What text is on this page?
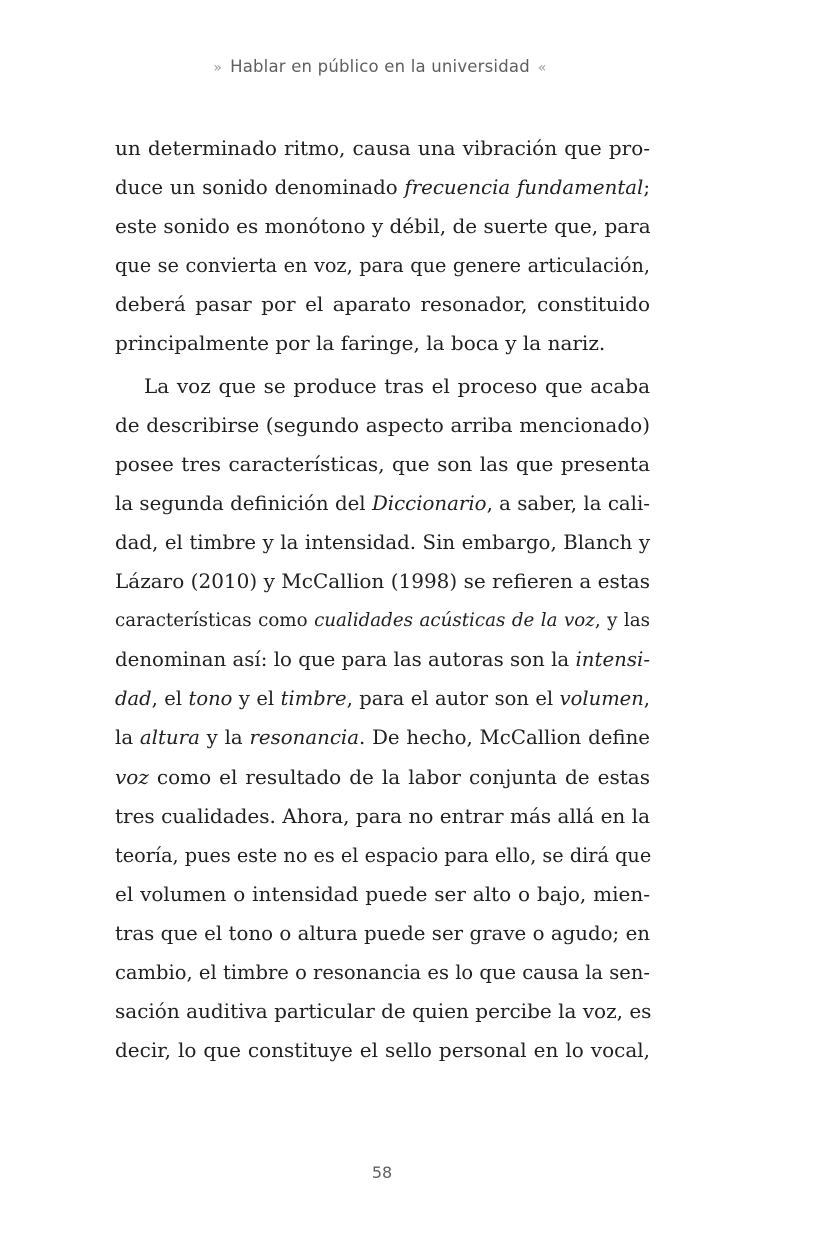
» Hablar en público en la universidad «
un determinado ritmo, causa una vibración que pro-
duce un sonido denominado frecuencia fundamental;
este sonido es monótono y débil, de suerte que, para
que se convierta en voz, para que genere articulación,
deberá pasar por el aparato resonador, constituido
principalmente por la faringe, la boca y la nariz.
La voz que se produce tras el proceso que acaba
de describirse (segundo aspecto arriba mencionado)
posee tres características, que son las que presenta
la segunda definición del Diccionario, a saber, la cali-
dad, el timbre y la intensidad. Sin embargo, Blanch y
Lázaro (2010) y McCallion (1998) se refieren a estas
características como cualidades acústicas de la voz, y las
denominan así: lo que para las autoras son la intensi-
dad, el tono y el timbre, para el autor son el volumen,
la altura y la resonancia. De hecho, McCallion define
voz como el resultado de la labor conjunta de estas
tres cualidades. Ahora, para no entrar más allá en la
teoría, pues este no es el espacio para ello, se dirá que
el volumen o intensidad puede ser alto o bajo, mien-
tras que el tono o altura puede ser grave o agudo; en
cambio, el timbre o resonancia es lo que causa la sen-
sación auditiva particular de quien percibe la voz, es
decir, lo que constituye el sello personal en lo vocal,
58
